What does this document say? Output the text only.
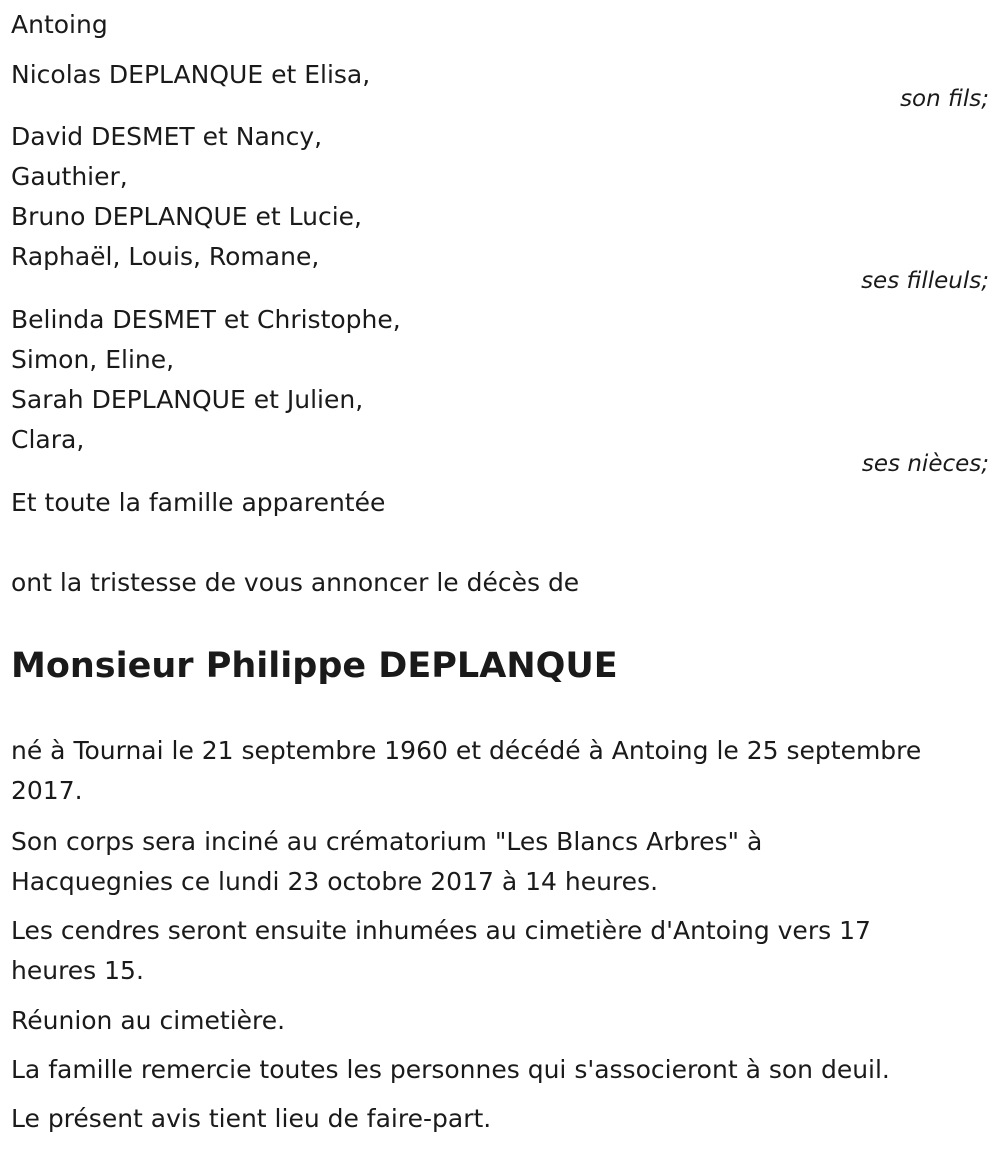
Antoing
Nicolas DEPLANQUE et Elisa,
son fils;
David DESMET et Nancy,
Gauthier,
Bruno DEPLANQUE et Lucie,
Raphaël, Louis, Romane,
ses filleuls;
Belinda DESMET et Christophe,
Simon, Eline,
Sarah DEPLANQUE et Julien,
Clara,
ses nièces;
Et toute la famille apparentée
ont la tristesse de vous annoncer le décès de
Monsieur Philippe DEPLANQUE
né à Tournai le 21 septembre 1960 et décédé à Antoing le 25 septembre 2017.
Son corps sera inciné au crématorium "Les Blancs Arbres" à Hacquegnies ce lundi 23 octobre 2017 à 14 heures.
Les cendres seront ensuite inhumées au cimetière d'Antoing vers 17 heures 15.
Réunion au cimetière.
La famille remercie toutes les personnes qui s'associeront à son deuil.
Le présent avis tient lieu de faire-part.
